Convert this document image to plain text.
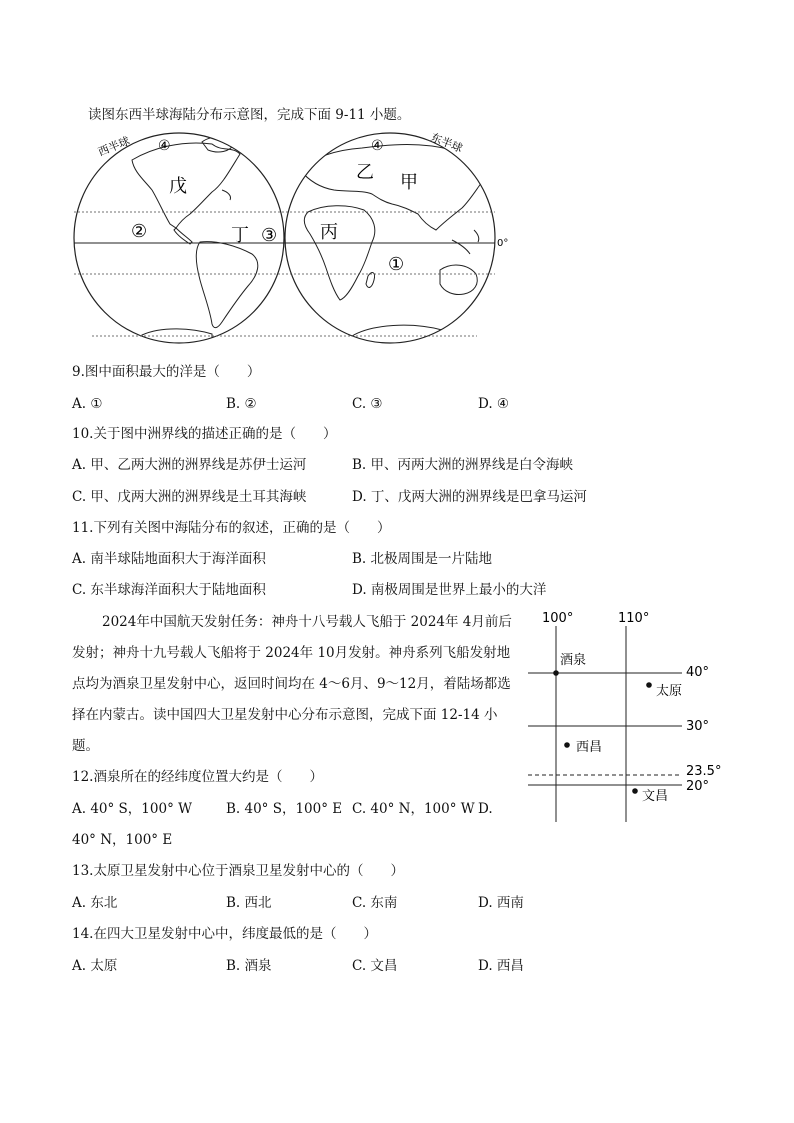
读图东西半球海陆分布示意图，完成下面 9-11 小题。
西半球	东半球
0°
④	④
戊
②	③
丁
乙 甲
丙
①
9.图中面积最大的洋是（　　）
A. ①	B. ②	C. ③	D. ④
10.关于图中洲界线的描述正确的是（　　）
A. 甲、乙两大洲的洲界线是苏伊士运河	B. 甲、丙两大洲的洲界线是白令海峡
C. 甲、戊两大洲的洲界线是土耳其海峡	D. 丁、戊两大洲的洲界线是巴拿马运河
11.下列有关图中海陆分布的叙述，正确的是（　　）
A. 南半球陆地面积大于海洋面积	B. 北极周围是一片陆地
C. 东半球海洋面积大于陆地面积	D. 南极周围是世界上最小的大洋
2024年中国航天发射任务：神舟十八号载人飞船于 2024年 4月前后
发射；神舟十九号载人飞船将于 2024年 10月发射。神舟系列飞船发射地
点均为酒泉卫星发射中心，返回时间均在 4～6月、9～12月，着陆场都选
择在内蒙古。读中国四大卫星发射中心分布示意图，完成下面 12-14 小
题。
100°	110°
40°
30°
23.5°
20°
酒泉
太原
西昌
文昌
12.酒泉所在的经纬度位置大约是（　　）
A. 40° S，100° W	B. 40° S，100° E C. 40° N，100° W D.
40° N，100° E
13.太原卫星发射中心位于酒泉卫星发射中心的（　　）
A. 东北	B. 西北	C. 东南	D. 西南
14.在四大卫星发射中心中，纬度最低的是（　　）
A. 太原	B. 酒泉	C. 文昌	D. 西昌
